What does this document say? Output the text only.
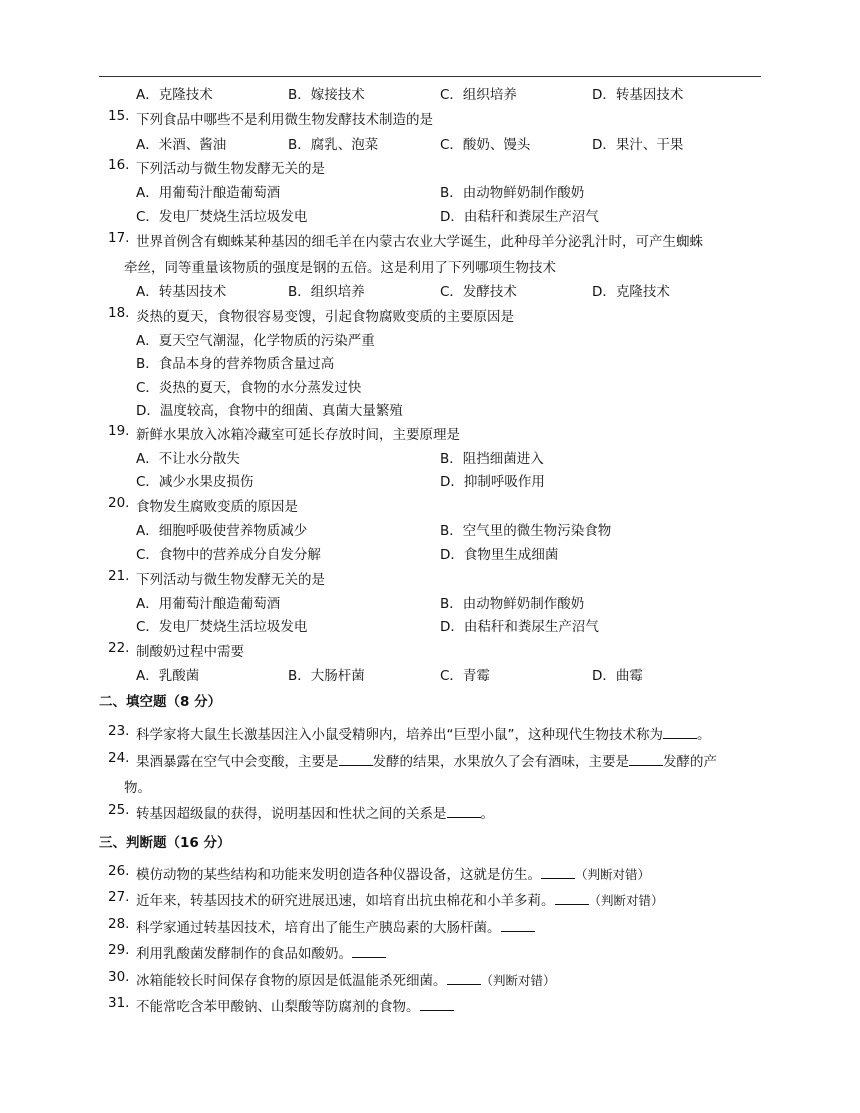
A．克隆技术	B．嫁接技术	C．组织培养	D．转基因技术
15. 下列食品中哪些不是利用微生物发酵技术制造的是
A．米酒、酱油	B．腐乳、泡菜	C．酸奶、馒头	D．果汁、干果
16. 下列活动与微生物发酵无关的是
A．用葡萄汁酿造葡萄酒	B．由动物鲜奶制作酸奶
C．发电厂焚烧生活垃圾发电	D．由秸秆和粪尿生产沼气
17. 世界首例含有蜘蛛某种基因的细毛羊在内蒙古农业大学诞生，此种母羊分泌乳汁时，可产生蜘蛛
牵丝，同等重量该物质的强度是钢的五倍。这是利用了下列哪项生物技术
A．转基因技术	B．组织培养	C．发酵技术	D．克隆技术
18. 炎热的夏天，食物很容易变馊，引起食物腐败变质的主要原因是
A．夏天空气潮湿，化学物质的污染严重
B．食品本身的营养物质含量过高
C．炎热的夏天，食物的水分蒸发过快
D．温度较高，食物中的细菌、真菌大量繁殖
19. 新鲜水果放入冰箱冷藏室可延长存放时间，主要原理是
A．不让水分散失	B．阻挡细菌进入
C．减少水果皮损伤	D．抑制呼吸作用
20. 食物发生腐败变质的原因是
A．细胞呼吸使营养物质减少	B．空气里的微生物污染食物
C．食物中的营养成分自发分解	D．食物里生成细菌
21. 下列活动与微生物发酵无关的是
A．用葡萄汁酿造葡萄酒	B．由动物鲜奶制作酸奶
C．发电厂焚烧生活垃圾发电	D．由秸秆和粪尿生产沼气
22. 制酸奶过程中需要
A．乳酸菌	B．大肠杆菌	C．青霉	D．曲霉
二、填空题（8 分）
23. 科学家将大鼠生长激基因注入小鼠受精卵内，培养出“巨型小鼠”，这种现代生物技术称为	。
24. 果酒暴露在空气中会变酸，主要是	发酵的结果，水果放久了会有酒味，主要是	发酵的产
物。
25. 转基因超级鼠的获得，说明基因和性状之间的关系是	。
三、判断题（16 分）
26. 模仿动物的某些结构和功能来发明创造各种仪器设备，这就是仿生。	（判断对错）
27. 近年来，转基因技术的研究进展迅速，如培育出抗虫棉花和小羊多莉。	（判断对错）
28. 科学家通过转基因技术，培育出了能生产胰岛素的大肠杆菌。
29. 利用乳酸菌发酵制作的食品如酸奶。
30. 冰箱能较长时间保存食物的原因是低温能杀死细菌。	（判断对错）
31. 不能常吃含苯甲酸钠、山梨酸等防腐剂的食物。
